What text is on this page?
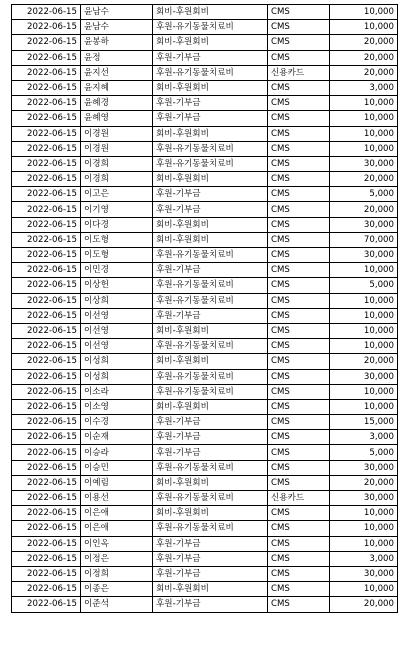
2022-06-15	윤남수	회비-후원회비	CMS	10,000
2022-06-15	윤남수	후원-유기동물치료비	CMS	10,000
2022-06-15	윤봉하	회비-후원회비	CMS	20,000
2022-06-15	윤정	후원-기부금	CMS	20,000
2022-06-15	윤지선	후원-유기동물치료비	신용카드	20,000
2022-06-15	윤지혜	회비-후원회비	CMS	3,000
2022-06-15	윤혜경	후원-기부금	CMS	10,000
2022-06-15	윤혜영	후원-기부금	CMS	10,000
2022-06-15	이경원	회비-후원회비	CMS	10,000
2022-06-15	이경원	후원-유기동물치료비	CMS	10,000
2022-06-15	이경희	후원-유기동물치료비	CMS	30,000
2022-06-15	이경희	회비-후원회비	CMS	20,000
2022-06-15	이고은	후원-기부금	CMS	5,000
2022-06-15	이기영	후원-기부금	CMS	20,000
2022-06-15	이다경	회비-후원회비	CMS	30,000
2022-06-15	이도형	회비-후원회비	CMS	70,000
2022-06-15	이도형	후원-유기동물치료비	CMS	30,000
2022-06-15	이민경	후원-기부금	CMS	10,000
2022-06-15	이상헌	후원-유기동물치료비	CMS	5,000
2022-06-15	이상희	후원-유기동물치료비	CMS	10,000
2022-06-15	이선영	후원-기부금	CMS	10,000
2022-06-15	이선영	회비-후원회비	CMS	10,000
2022-06-15	이선영	후원-유기동물치료비	CMS	10,000
2022-06-15	이성희	회비-후원회비	CMS	20,000
2022-06-15	이성희	후원-유기동물치료비	CMS	30,000
2022-06-15	이소라	후원-유기동물치료비	CMS	10,000
2022-06-15	이소영	회비-후원회비	CMS	10,000
2022-06-15	이수경	후원-기부금	CMS	15,000
2022-06-15	이순재	후원-기부금	CMS	3,000
2022-06-15	이승라	후원-기부금	CMS	5,000
2022-06-15	이승민	후원-유기동물치료비	CMS	30,000
2022-06-15	이예림	회비-후원회비	CMS	20,000
2022-06-15	이용선	후원-유기동물치료비	신용카드	30,000
2022-06-15	이은애	회비-후원회비	CMS	10,000
2022-06-15	이은애	후원-유기동물치료비	CMS	10,000
2022-06-15	이인옥	후원-기부금	CMS	10,000
2022-06-15	이정은	후원-기부금	CMS	3,000
2022-06-15	이정희	후원-기부금	CMS	30,000
2022-06-15	이종은	회비-후원회비	CMS	10,000
2022-06-15	이준석	후원-기부금	CMS	20,000
